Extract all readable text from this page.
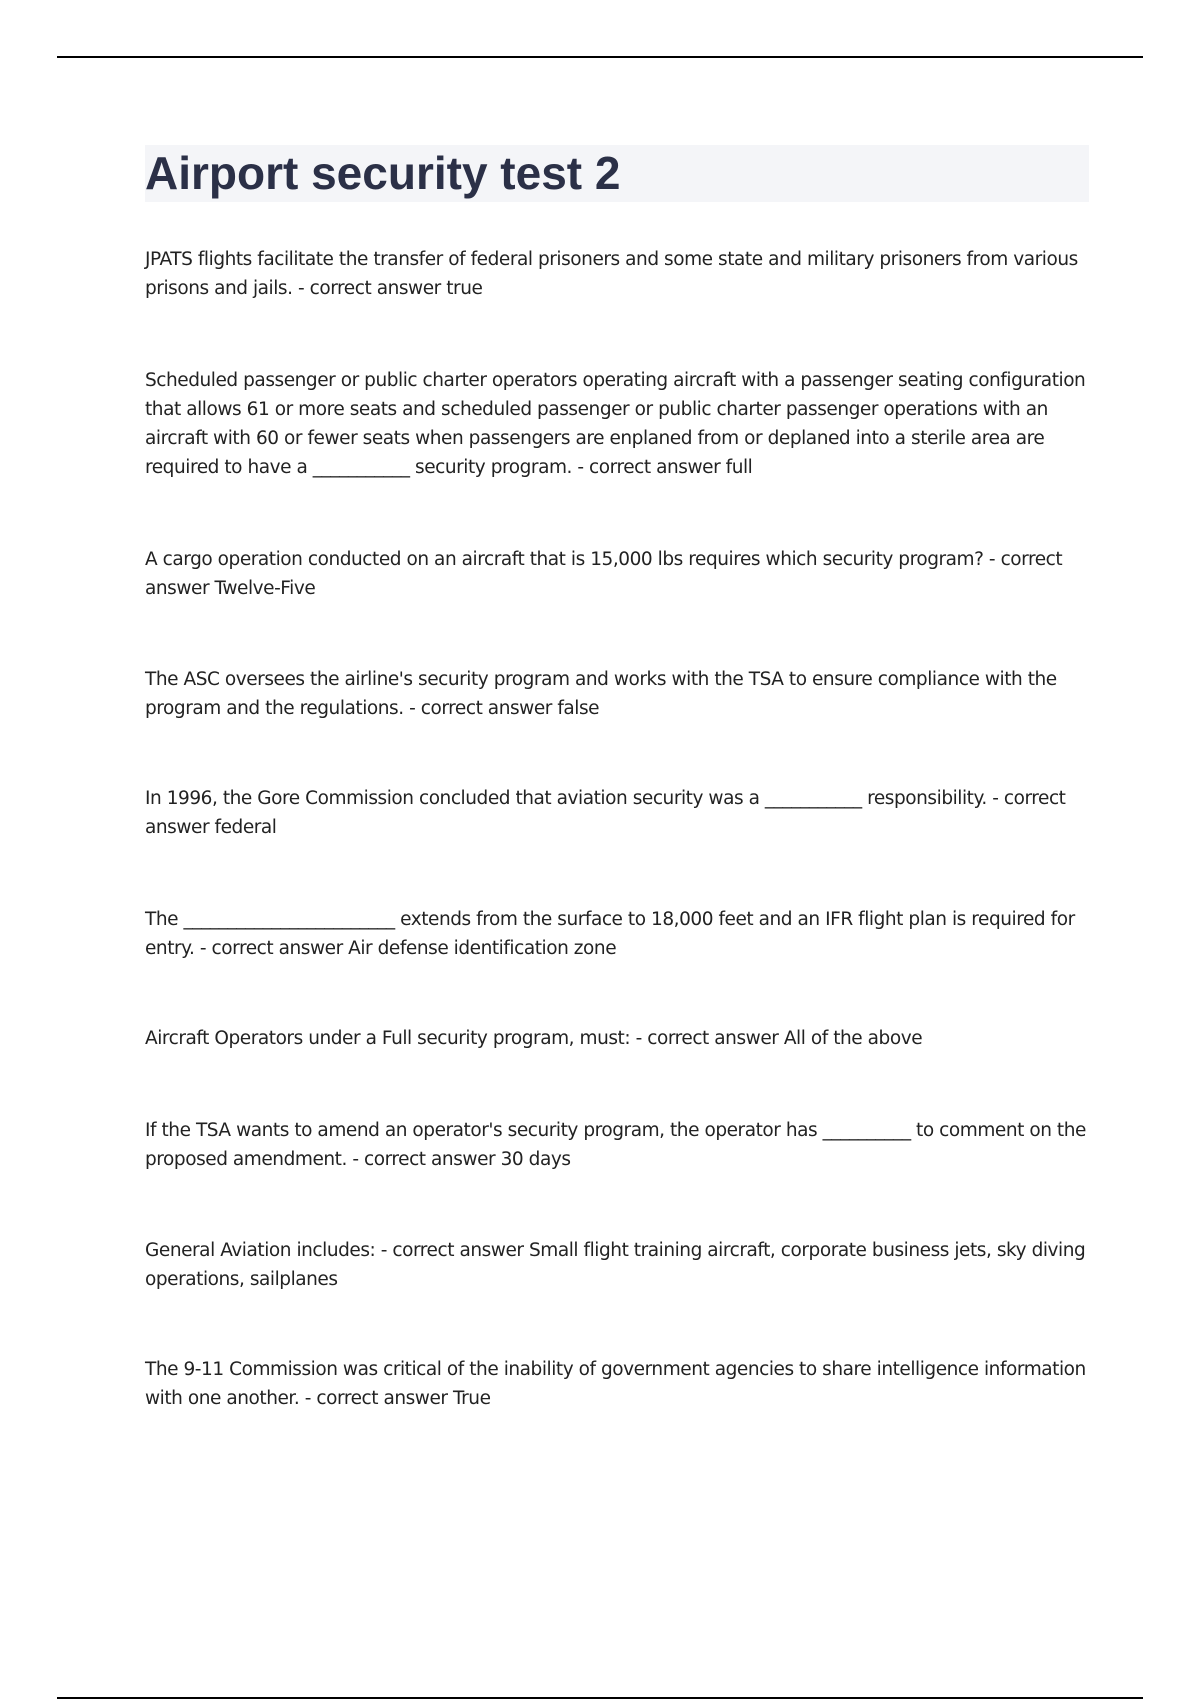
Airport security test 2

JPATS flights facilitate the transfer of federal prisoners and some state and military prisoners from various prisons and jails. - correct answer true

Scheduled passenger or public charter operators operating aircraft with a passenger seating configuration that allows 61 or more seats and scheduled passenger or public charter passenger operations with an aircraft with 60 or fewer seats when passengers are enplaned from or deplaned into a sterile area are required to have a ___________ security program. - correct answer full

A cargo operation conducted on an aircraft that is 15,000 lbs requires which security program? - correct answer Twelve-Five

The ASC oversees the airline's security program and works with the TSA to ensure compliance with the program and the regulations. - correct answer false

In 1996, the Gore Commission concluded that aviation security was a ___________ responsibility. - correct answer federal

The ________________________ extends from the surface to 18,000 feet and an IFR flight plan is required for entry. - correct answer Air defense identification zone

Aircraft Operators under a Full security program, must: - correct answer All of the above

If the TSA wants to amend an operator's security program, the operator has __________ to comment on the proposed amendment. - correct answer 30 days

General Aviation includes: - correct answer Small flight training aircraft, corporate business jets, sky diving operations, sailplanes

The 9-11 Commission was critical of the inability of government agencies to share intelligence information with one another. - correct answer True
